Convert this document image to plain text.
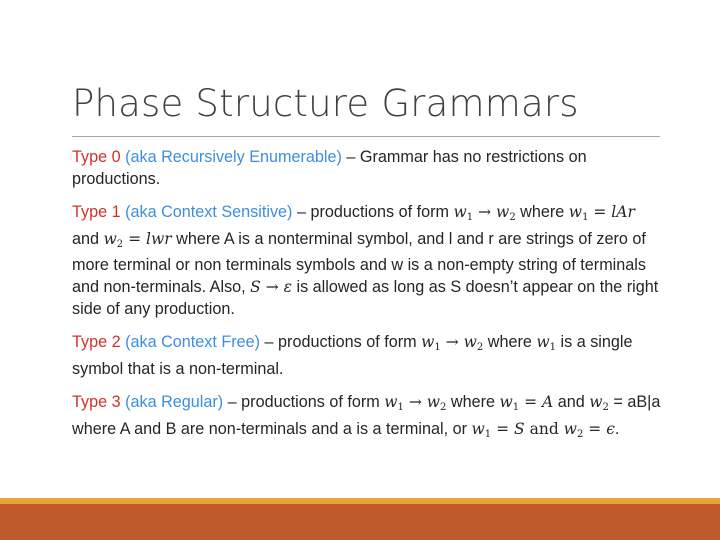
Phase Structure Grammars

Type 0 (aka Recursively Enumerable) – Grammar has no restrictions on productions.

Type 1 (aka Context Sensitive) – productions of form $w_1 \to w_2$ where $w_1$ = lAr and $w_2$ = lwr where A is a nonterminal symbol, and l and r are strings of zero of more terminal or non terminals symbols and w is a non-empty string of terminals and non-terminals. Also, S → ε is allowed as long as S doesn’t appear on the right side of any production.

Type 2 (aka Context Free) – productions of form $w_1 \to w_2$ where $w_1$ is a single symbol that is a non-terminal.

Type 3 (aka Regular) – productions of form $w_1 \to w_2$ where $w_1 = A$ and $w_2 = aB|a$ where A and B are non-terminals and a is a terminal, or $w_1 = S$ and $w_2 = \epsilon$.
